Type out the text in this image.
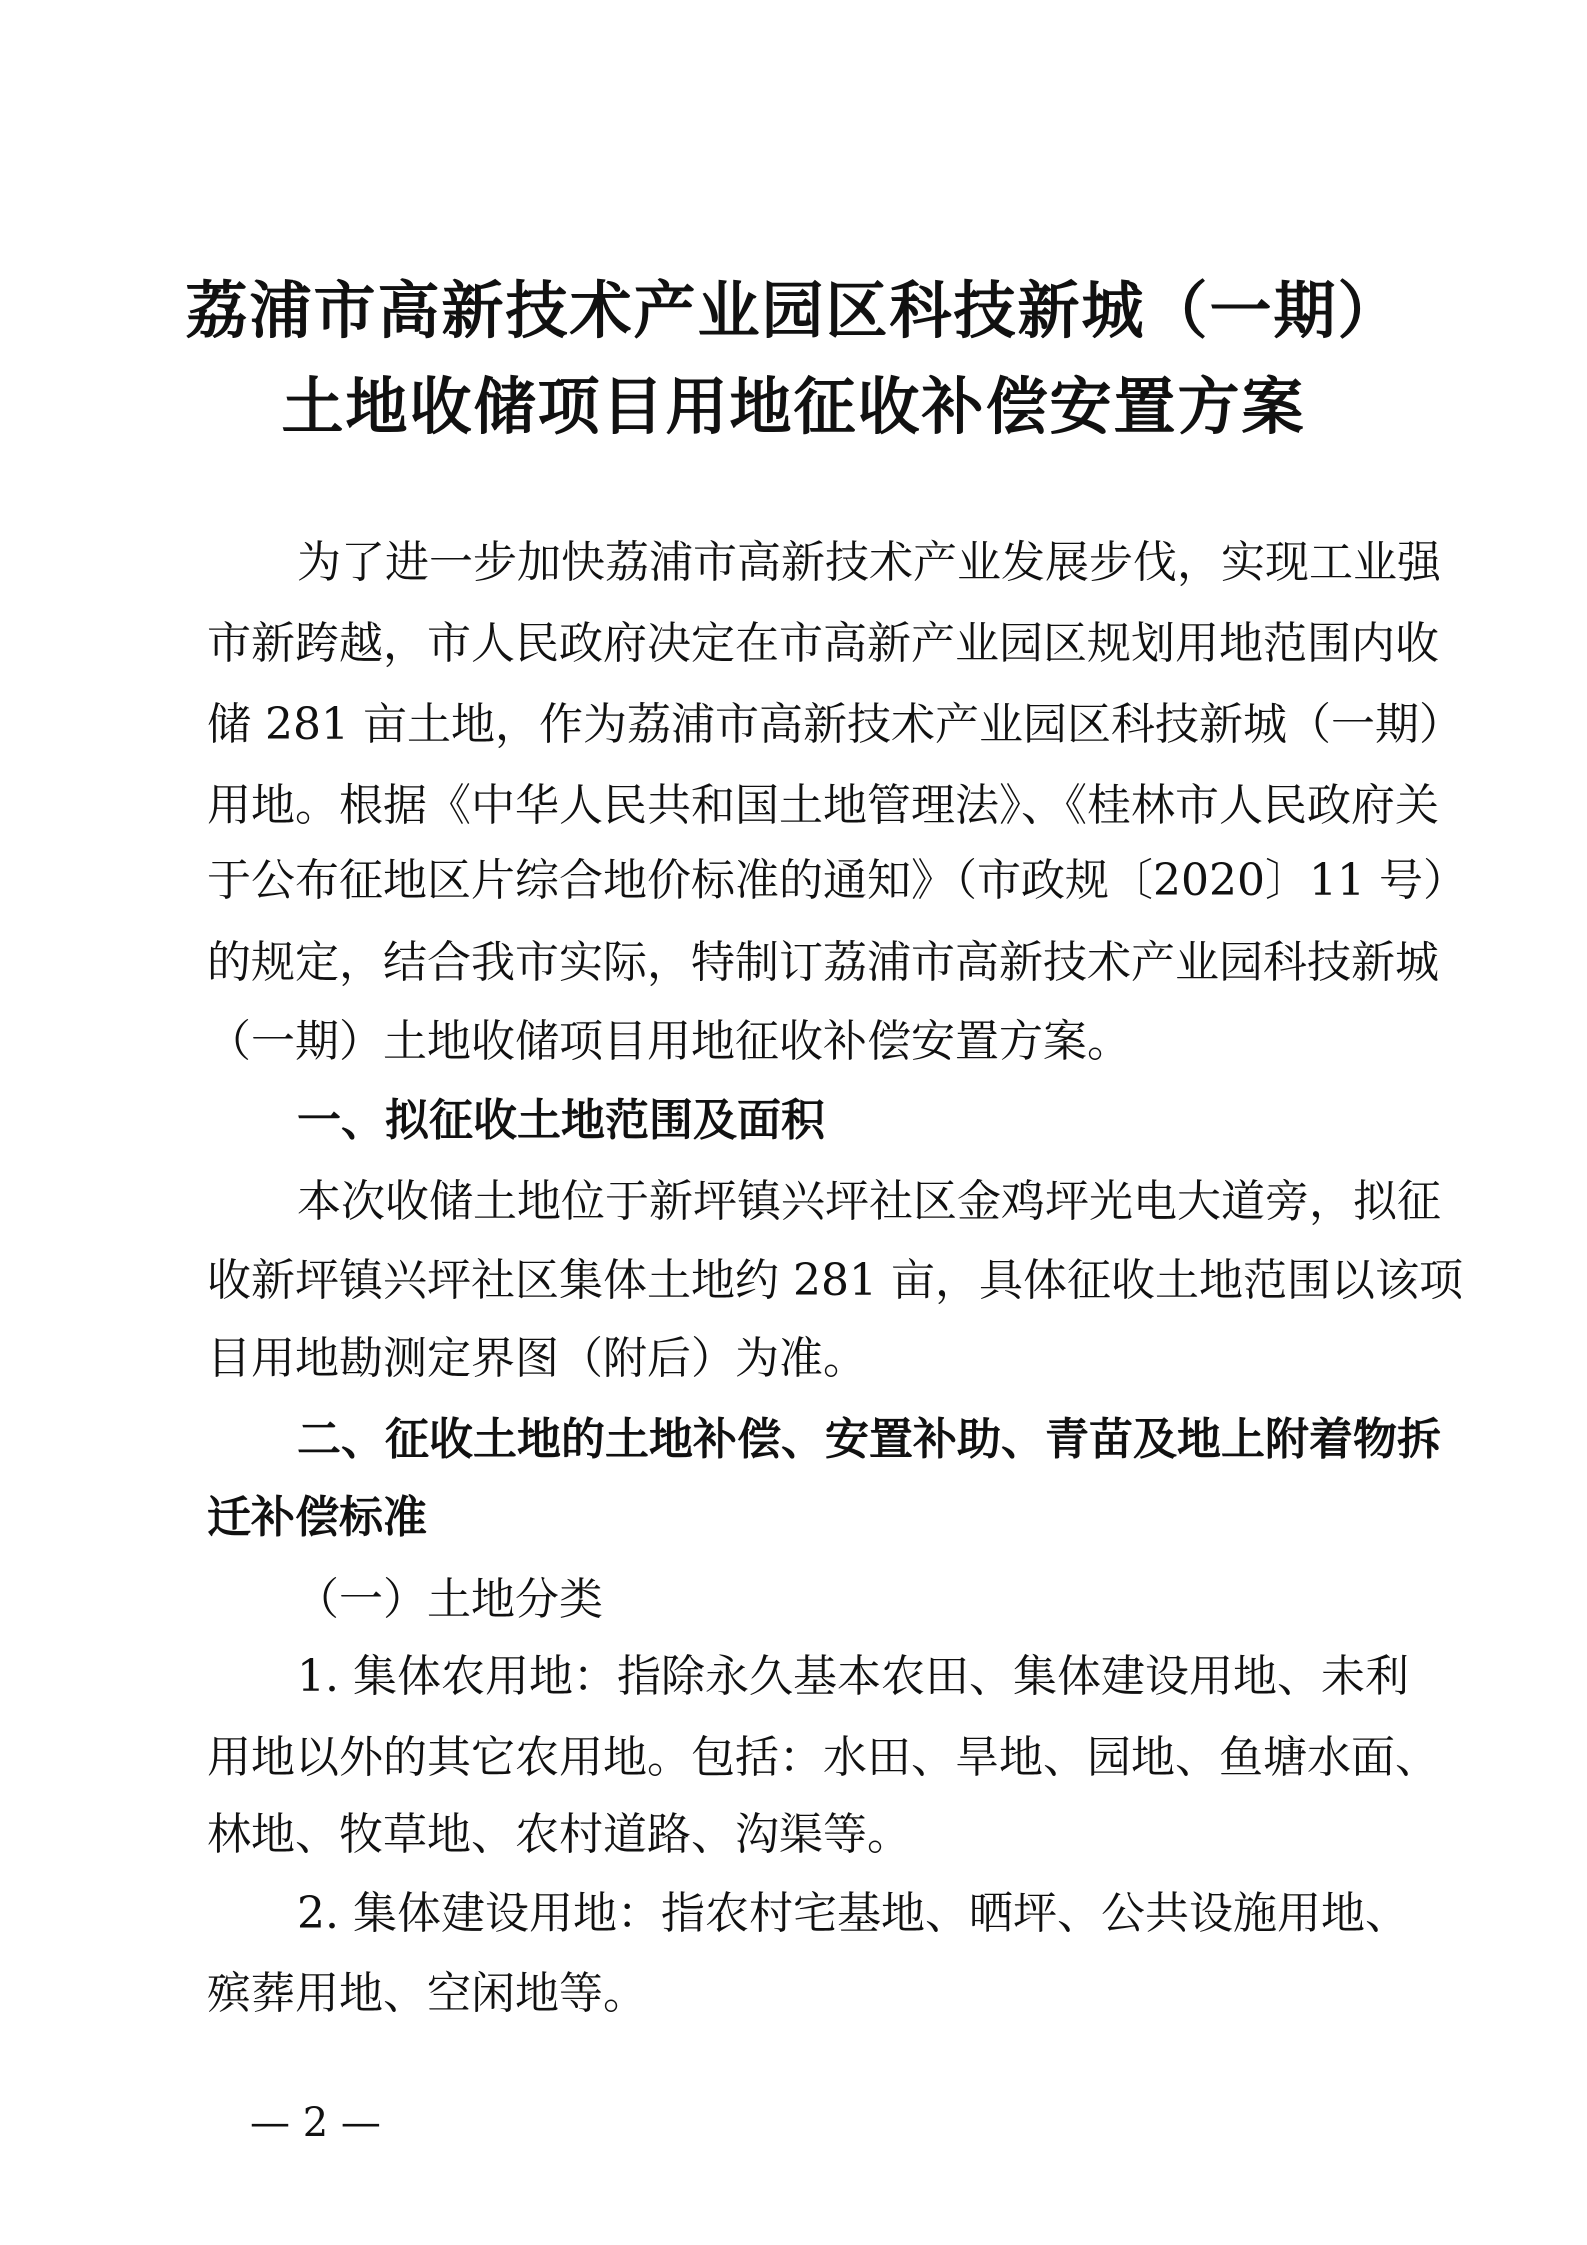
荔浦市高新技术产业园区科技新城（一期）
土地收储项目用地征收补偿安置方案

为了进一步加快荔浦市高新技术产业发展步伐，实现工业强

市新跨越，市人民政府决定在市高新产业园区规划用地范围内收

储 281 亩土地，作为荔浦市高新技术产业园区科技新城（一期）

用地。根据《中华人民共和国土地管理法》、《桂林市人民政府关

于公布征地区片综合地价标准的通知》（市政规〔2020〕11 号）

的规定，结合我市实际，特制订荔浦市高新技术产业园科技新城

（一期）土地收储项目用地征收补偿安置方案。

一、拟征收土地范围及面积

本次收储土地位于新坪镇兴坪社区金鸡坪光电大道旁，拟征

收新坪镇兴坪社区集体土地约 281 亩，具体征收土地范围以该项

目用地勘测定界图（附后）为准。

二、征收土地的土地补偿、安置补助、青苗及地上附着物拆

迁补偿标准

（一）土地分类

1. 集体农用地：指除永久基本农田、集体建设用地、未利

用地以外的其它农用地。包括：水田、旱地、园地、鱼塘水面、

林地、牧草地、农村道路、沟渠等。

2. 集体建设用地：指农村宅基地、晒坪、公共设施用地、

殡葬用地、空闲地等。

— 2 —
